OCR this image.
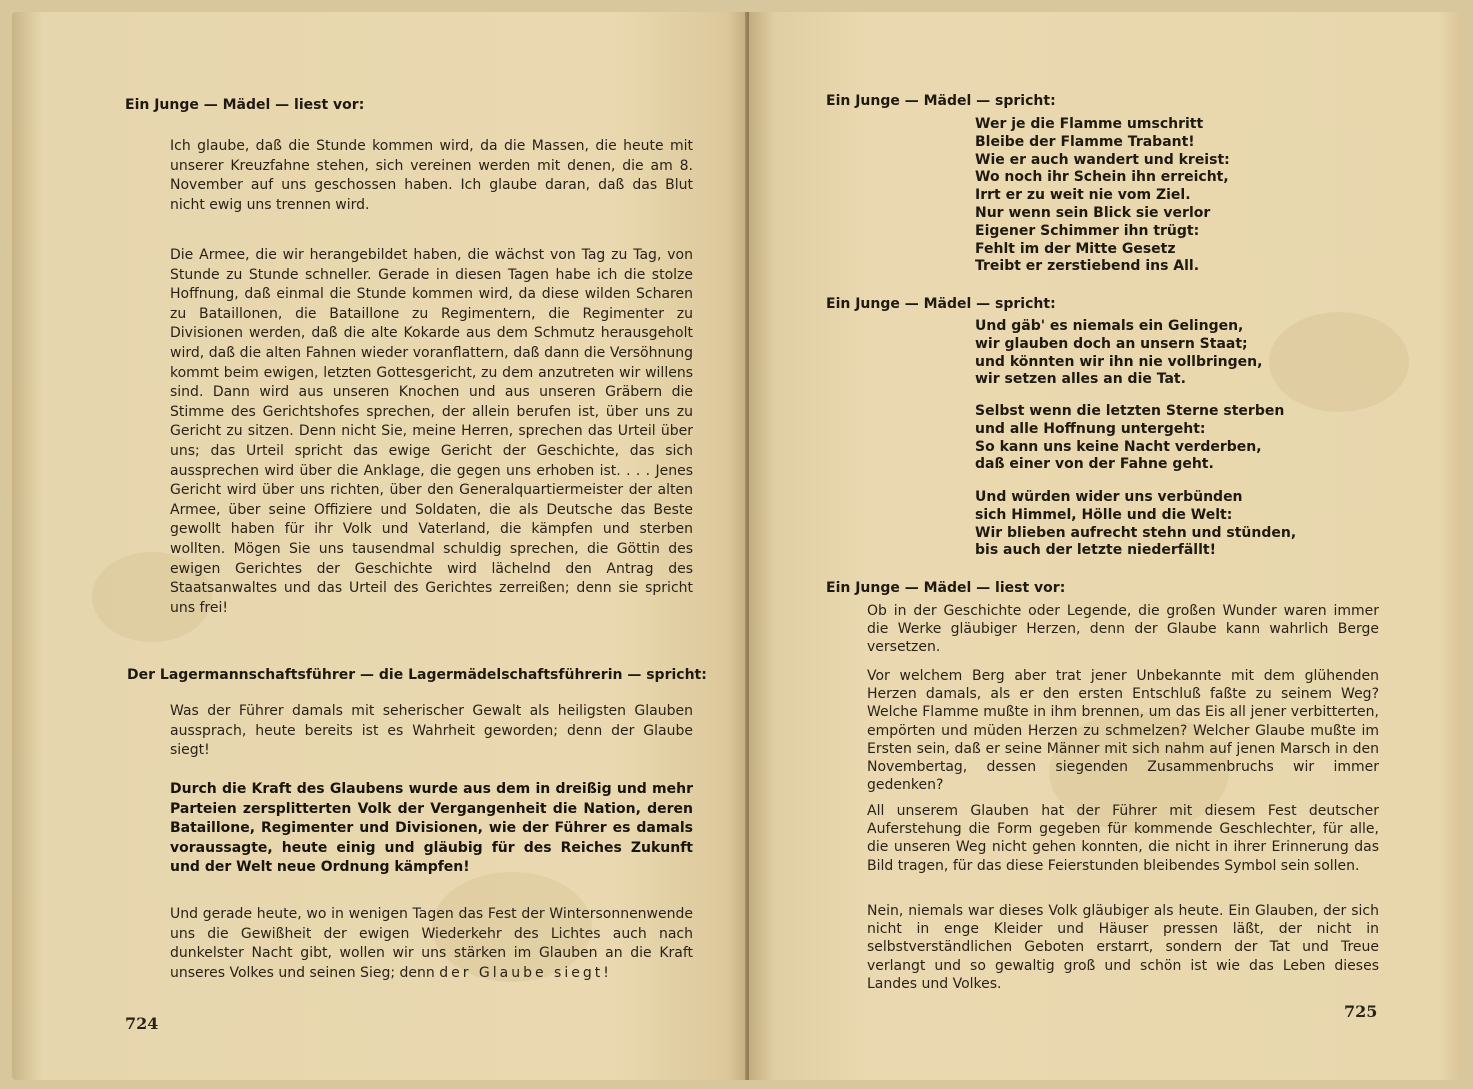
Ein Junge — Mädel — liest vor:
Ich glaube, daß die Stunde kommen wird, da die Massen, die heute mit unserer Kreuzfahne stehen, sich vereinen werden mit denen, die am 8. November auf uns geschossen haben. Ich glaube daran, daß das Blut nicht ewig uns trennen wird.
Die Armee, die wir herangebildet haben, die wächst von Tag zu Tag, von Stunde zu Stunde schneller. Gerade in diesen Tagen habe ich die stolze Hoffnung, daß einmal die Stunde kommen wird, da diese wilden Scharen zu Bataillonen, die Bataillone zu Regimentern, die Regimenter zu Divisionen werden, daß die alte Kokarde aus dem Schmutz herausgeholt wird, daß die alten Fahnen wieder voranflattern, daß dann die Versöhnung kommt beim ewigen, letzten Gottesgericht, zu dem anzutreten wir willens sind. Dann wird aus unseren Knochen und aus unseren Gräbern die Stimme des Gerichtshofes sprechen, der allein berufen ist, über uns zu Gericht zu sitzen. Denn nicht Sie, meine Herren, sprechen das Urteil über uns; das Urteil spricht das ewige Gericht der Geschichte, das sich aussprechen wird über die Anklage, die gegen uns erhoben ist. . . . Jenes Gericht wird über uns richten, über den Generalquartiermeister der alten Armee, über seine Offiziere und Soldaten, die als Deutsche das Beste gewollt haben für ihr Volk und Vaterland, die kämpfen und sterben wollten. Mögen Sie uns tausendmal schuldig sprechen, die Göttin des ewigen Gerichtes der Geschichte wird lächelnd den Antrag des Staatsanwaltes und das Urteil des Gerichtes zerreißen; denn sie spricht uns frei!
Der Lagermannschaftsführer — die Lagermädelschaftsführerin — spricht:
Was der Führer damals mit seherischer Gewalt als heiligsten Glauben aussprach, heute bereits ist es Wahrheit geworden; denn der Glaube siegt!
Durch die Kraft des Glaubens wurde aus dem in dreißig und mehr Parteien zersplitterten Volk der Vergangenheit die Nation, deren Bataillone, Regimenter und Divisionen, wie der Führer es damals voraussagte, heute einig und gläubig für des Reiches Zukunft und der Welt neue Ordnung kämpfen!
Und gerade heute, wo in wenigen Tagen das Fest der Wintersonnenwende uns die Gewißheit der ewigen Wiederkehr des Lichtes auch nach dunkelster Nacht gibt, wollen wir uns stärken im Glauben an die Kraft unseres Volkes und seinen Sieg; denn der Glaube siegt!
724
Ein Junge — Mädel — spricht:
Wer je die Flamme umschritt
Bleibe der Flamme Trabant!
Wie er auch wandert und kreist:
Wo noch ihr Schein ihn erreicht,
Irrt er zu weit nie vom Ziel.
Nur wenn sein Blick sie verlor
Eigener Schimmer ihn trügt:
Fehlt im der Mitte Gesetz
Treibt er zerstiebend ins All.
Ein Junge — Mädel — spricht:
Und gäb' es niemals ein Gelingen,
wir glauben doch an unsern Staat;
und könnten wir ihn nie vollbringen,
wir setzen alles an die Tat.
Selbst wenn die letzten Sterne sterben
und alle Hoffnung untergeht:
So kann uns keine Nacht verderben,
daß einer von der Fahne geht.
Und würden wider uns verbünden
sich Himmel, Hölle und die Welt:
Wir blieben aufrecht stehn und stünden,
bis auch der letzte niederfällt!
Ein Junge — Mädel — liest vor:
Ob in der Geschichte oder Legende, die großen Wunder waren immer die Werke gläubiger Herzen, denn der Glaube kann wahrlich Berge versetzen.
Vor welchem Berg aber trat jener Unbekannte mit dem glühenden Herzen damals, als er den ersten Entschluß faßte zu seinem Weg? Welche Flamme mußte in ihm brennen, um das Eis all jener verbitterten, empörten und müden Herzen zu schmelzen? Welcher Glaube mußte im Ersten sein, daß er seine Männer mit sich nahm auf jenen Marsch in den Novembertag, dessen siegenden Zusammenbruchs wir immer gedenken?
All unserem Glauben hat der Führer mit diesem Fest deutscher Auferstehung die Form gegeben für kommende Geschlechter, für alle, die unseren Weg nicht gehen konnten, die nicht in ihrer Erinnerung das Bild tragen, für das diese Feierstunden bleibendes Symbol sein sollen.
Nein, niemals war dieses Volk gläubiger als heute. Ein Glauben, der sich nicht in enge Kleider und Häuser pressen läßt, der nicht in selbstverständlichen Geboten erstarrt, sondern der Tat und Treue verlangt und so gewaltig groß und schön ist wie das Leben dieses Landes und Volkes.
725
